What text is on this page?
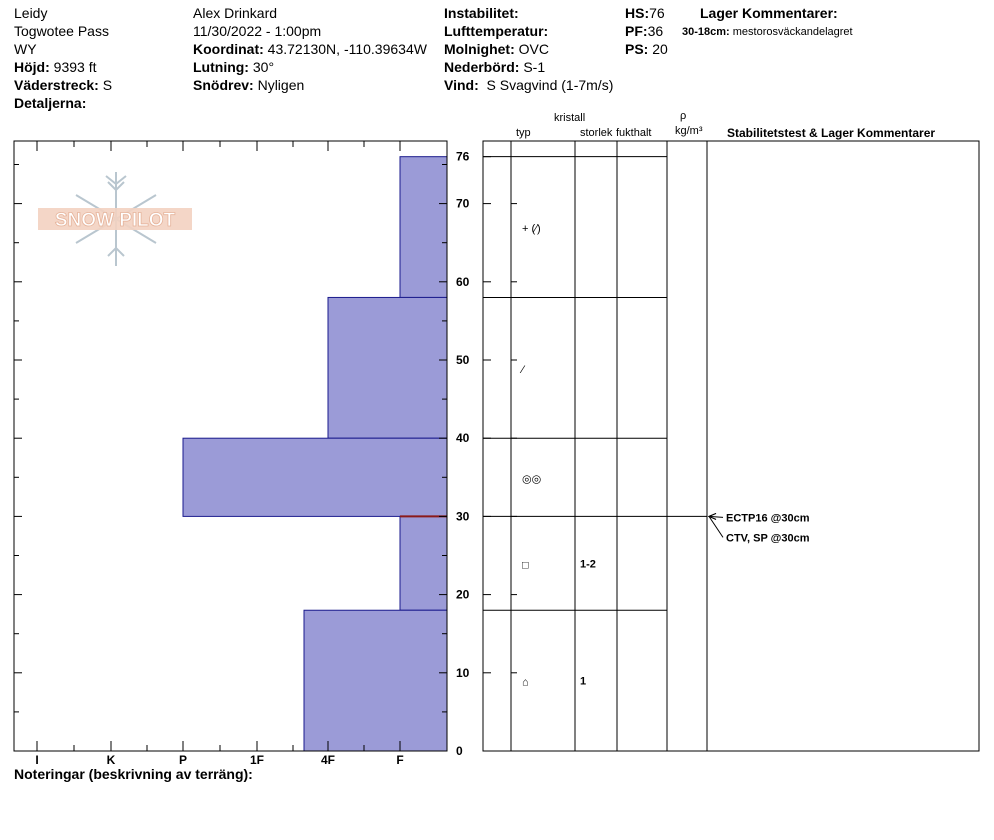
Leidy
Togwotee Pass
WY
Höjd: 9393 ft
Väderstreck: S
Detaljerna:
Alex Drinkard
11/30/2022 - 1:00pm
Koordinat: 43.72130N, -110.39634W
Lutning: 30°
Snödrev: Nyligen
Instabilitet:
Lufttemperatur:
Molnighet: OVC
Nederbörd: S-1
Vind: S Svagvind (1-7m/s)
HS:76
PF:36
PS: 20
Lager Kommentarer:
30-18cm: mestorosväckandelagret
kristall
typ	storlek fukthalt
ρ
kg/m³ Stabilitetstest & Lager Kommentarer
I	K	P	1F	4F	F
0
10
20
30
40
50
60
70
76
+ (⁄)
⁄
◎◎
□	1-2
⌂	1
ECTP16 @30cm
CTV, SP @30cm
SNOW PILOT
Noteringar (beskrivning av terräng):
